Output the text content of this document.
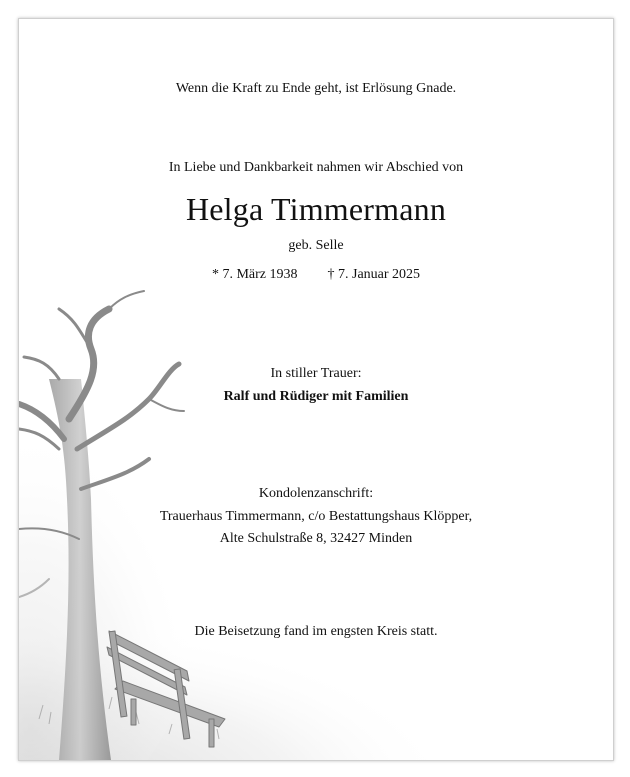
Wenn die Kraft zu Ende geht, ist Erlösung Gnade.
In Liebe und Dankbarkeit nahmen wir Abschied von
Helga Timmermann
geb. Selle
* 7. März 1938 † 7. Januar 2025
In stiller Trauer:
Ralf und Rüdiger mit Familien
Kondolenzanschrift:
Trauerhaus Timmermann, c/o Bestattungshaus Klöpper,
Alte Schulstraße 8, 32427 Minden
Die Beisetzung fand im engsten Kreis statt.
